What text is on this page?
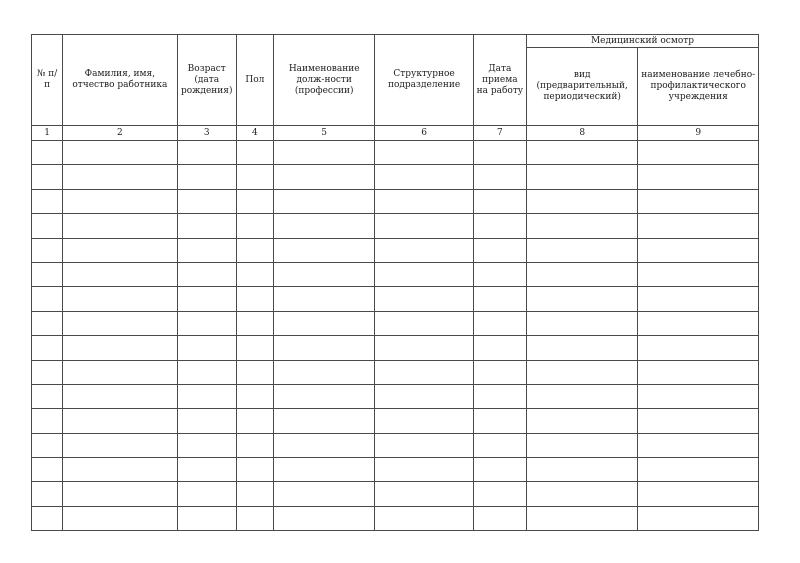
№ п/п	Фамилия, имя, отчество работника	Возраст (дата рождения)	Пол	Наименование долж-ности (профессии)	Структурное подразделение	Дата приема на работу	Медицинский осмотр	
							вид (предварительный, периодический)	наименование лечебно-профилактического учреждения
1	2	3	4	5	6	7	8	9
